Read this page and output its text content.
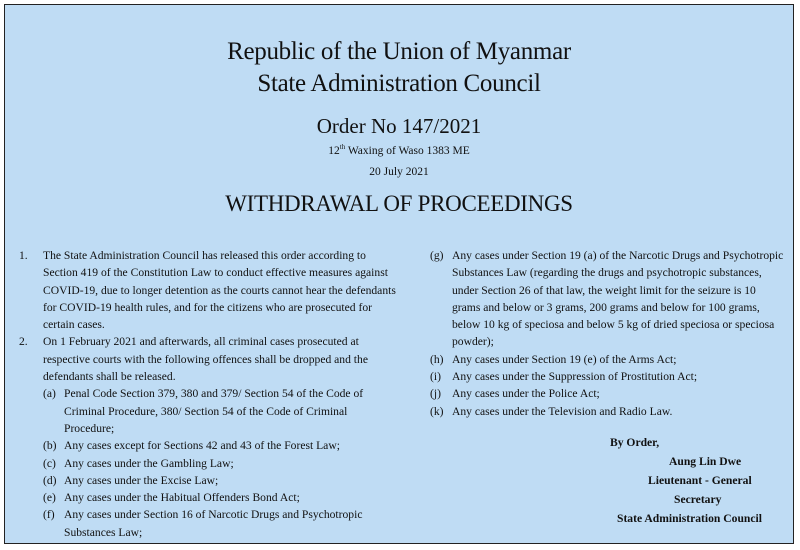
Republic of the Union of Myanmar
State Administration Council
Order No 147/2021
12th Waxing of Waso 1383 ME
20 July 2021
WITHDRAWAL OF PROCEEDINGS
1. The State Administration Council has released this order according to Section 419 of the Constitution Law to conduct effective measures against COVID-19, due to longer detention as the courts cannot hear the defendants for COVID-19 health rules, and for the citizens who are prosecuted for certain cases.
2. On 1 February 2021 and afterwards, all criminal cases prosecuted at respective courts with the following offences shall be dropped and the defendants shall be released.
(a) Penal Code Section 379, 380 and 379/ Section 54 of the Code of Criminal Procedure, 380/ Section 54 of the Code of Criminal Procedure;
(b) Any cases except for Sections 42 and 43 of the Forest Law;
(c) Any cases under the Gambling Law;
(d) Any cases under the Excise Law;
(e) Any cases under the Habitual Offenders Bond Act;
(f) Any cases under Section 16 of Narcotic Drugs and Psychotropic Substances Law;
(g) Any cases under Section 19 (a) of the Narcotic Drugs and Psychotropic Substances Law (regarding the drugs and psychotropic substances, under Section 26 of that law, the weight limit for the seizure is 10 grams and below or 3 grams, 200 grams and below for 100 grams, below 10 kg of speciosa and below 5 kg of dried speciosa or speciosa powder);
(h) Any cases under Section 19 (e) of the Arms Act;
(i) Any cases under the Suppression of Prostitution Act;
(j) Any cases under the Police Act;
(k) Any cases under the Television and Radio Law.
By Order,
Aung Lin Dwe
Lieutenant - General
Secretary
State Administration Council
